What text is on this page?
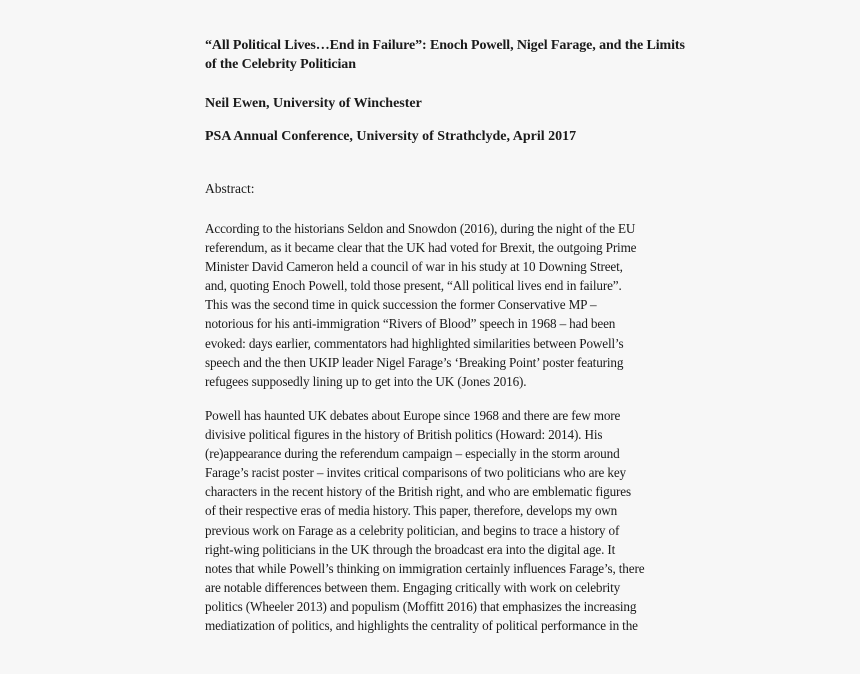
“All Political Lives…End in Failure”: Enoch Powell, Nigel Farage, and the Limits
of the Celebrity Politician

Neil Ewen, University of Winchester

PSA Annual Conference, University of Strathclyde, April 2017

Abstract:

According to the historians Seldon and Snowdon (2016), during the night of the EU
referendum, as it became clear that the UK had voted for Brexit, the outgoing Prime
Minister David Cameron held a council of war in his study at 10 Downing Street,
and, quoting Enoch Powell, told those present, “All political lives end in failure”.
This was the second time in quick succession the former Conservative MP –
notorious for his anti-immigration “Rivers of Blood” speech in 1968 – had been
evoked: days earlier, commentators had highlighted similarities between Powell’s
speech and the then UKIP leader Nigel Farage’s ‘Breaking Point’ poster featuring
refugees supposedly lining up to get into the UK (Jones 2016).

Powell has haunted UK debates about Europe since 1968 and there are few more
divisive political figures in the history of British politics (Howard: 2014). His
(re)appearance during the referendum campaign – especially in the storm around
Farage’s racist poster – invites critical comparisons of two politicians who are key
characters in the recent history of the British right, and who are emblematic figures
of their respective eras of media history. This paper, therefore, develops my own
previous work on Farage as a celebrity politician, and begins to trace a history of
right-wing politicians in the UK through the broadcast era into the digital age. It
notes that while Powell’s thinking on immigration certainly influences Farage’s, there
are notable differences between them. Engaging critically with work on celebrity
politics (Wheeler 2013) and populism (Moffitt 2016) that emphasizes the increasing
mediatization of politics, and highlights the centrality of political performance in the
